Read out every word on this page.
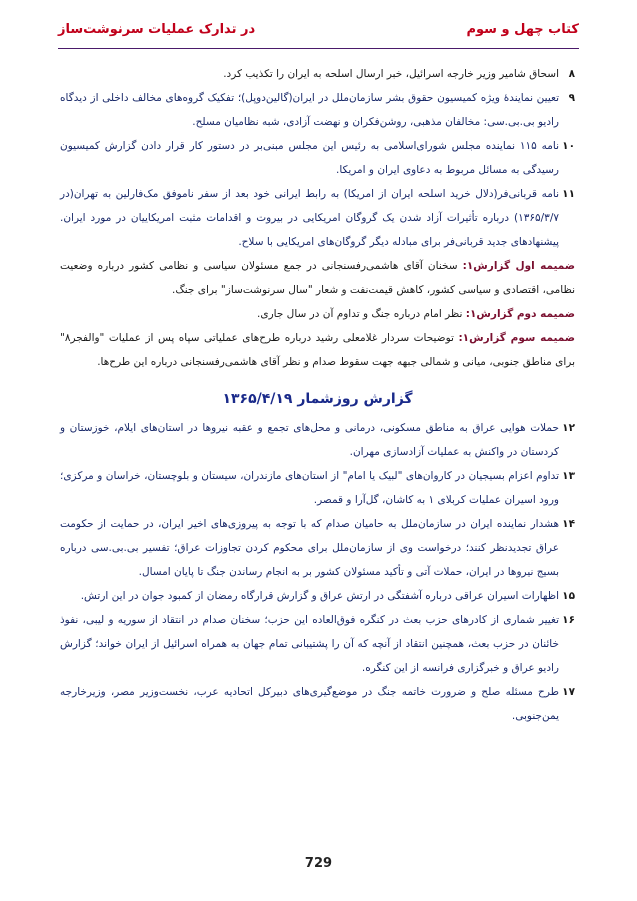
کتاب چهل و سوم
در تدارک عملیات سرنوشت‌ساز

۸
اسحاق شامیر وزیر خارجه اسرائیل، خبر ارسال اسلحه به ایران را تکذیب کرد.

۹
تعیین نمایندهٔ ویژه کمیسیون حقوق بشر سازمان‌ملل در ایران(گالین‌دوپل)؛ تفکیک گروه‌های مخالف داخلی از دیدگاه رادیو بی.بی.سی: مخالفان مذهبی، روشن‌فکران و نهضت آزادی، شبه نظامیان مسلح.

۱۰
نامه ۱۱۵ نماینده مجلس شورای‌اسلامی به رئیس این مجلس مبنی‌بر در دستور کار قرار دادن گزارش کمیسیون رسیدگی به مسائل مربوط به دعاوی ایران و امریکا.

۱۱
نامه قربانی‌فر(دلال خرید اسلحه ایران از امریکا) به رابط ایرانی خود بعد از سفر ناموفق مک‌فارلین به تهران(در ۱۳۶۵/۳/۷) درباره تأثیرات آزاد شدن یک گروگان امریکایی در بیروت و اقدامات مثبت امریکاییان در مورد ایران. پیشنهادهای جدید قربانی‌فر برای مبادله دیگر گروگان‌های امریکایی با سلاح.

ضمیمه اول گزارش۱: سخنان آقای هاشمی‌رفسنجانی در جمع مسئولان سیاسی و نظامی کشور درباره وضعیت نظامی، اقتصادی و سیاسی کشور، کاهش قیمت‌نفت و شعار "سال سرنوشت‌ساز" برای جنگ.

ضمیمه دوم گزارش۱: نظر امام درباره جنگ و تداوم آن در سال جاری.

ضمیمه سوم گزارش۱: توضیحات سردار غلامعلی رشید درباره طرح‌های عملیاتی سپاه پس از عملیات "والفجر۸" برای مناطق جنوبی، میانی و شمالی جبهه جهت سقوط صدام و نظر آقای هاشمی‌رفسنجانی درباره این طرح‌ها.

گزارش روزشمار ۱۳۶۵/۴/۱۹

۱۲
حملات هوایی عراق به مناطق مسکونی، درمانی و محل‌های تجمع و عقبه نیروها در استان‌های ایلام، خوزستان و کردستان در واکنش به عملیات آزادسازی مهران.

۱۳
تداوم اعزام بسیجیان در کاروان‌های "لبیک یا امام" از استان‌های مازندران، سیستان و بلوچستان، خراسان و مرکزی؛ ورود اسیران عملیات کربلای ۱ به کاشان، گل‌آرا و قمصر.

۱۴
هشدار نماینده ایران در سازمان‌ملل به حامیان صدام که با توجه به پیروزی‌های اخیر ایران، در حمایت از حکومت عراق تجدیدنظر کنند؛ درخواست وی از سازمان‌ملل برای محکوم کردن تجاوزات عراق؛ تفسیر بی.بی.سی درباره بسیج نیروها در ایران، حملات آتی و تأکید مسئولان کشور بر به انجام رساندن جنگ تا پایان امسال.

۱۵
اظهارات اسیران عراقی درباره آشفتگی در ارتش عراق و گزارش قرارگاه رمضان از کمبود جوان در این ارتش.

۱۶
تغییر شماری از کادرهای حزب بعث در کنگره فوق‌العاده این حزب؛ سخنان صدام در انتقاد از سوریه و لیبی، نفوذ خائنان در حزب بعث، همچنین انتقاد از آنچه که آن را پشتیبانی تمام جهان به همراه اسرائیل از ایران خواند؛ گزارش رادیو عراق و خبرگزاری فرانسه از این کنگره.

۱۷
طرح مسئله صلح و ضرورت خاتمه جنگ در موضع‌گیری‌های دبیرکل اتحادیه عرب، نخست‌وزیر مصر، وزیرخارجه یمن‌جنوبی.

729
